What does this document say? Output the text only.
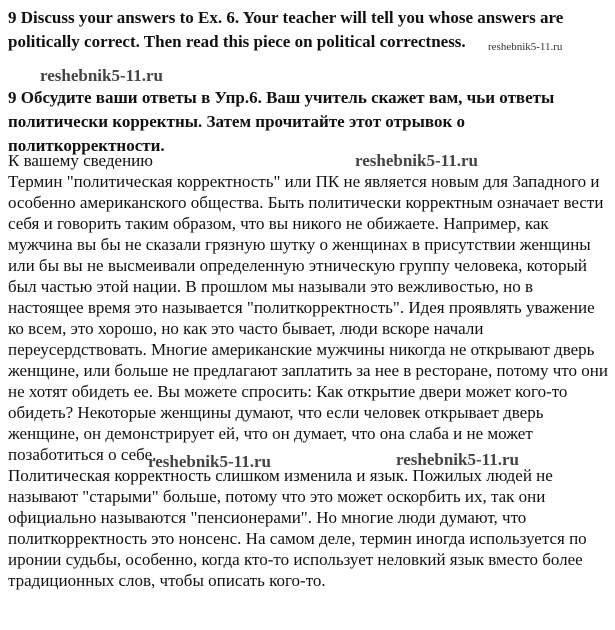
9 Discuss your answers to Ex. 6. Your teacher will tell you whose answers are politically correct. Then read this piece on political correctness.

9 Обсудите ваши ответы в Упр.6. Ваш учитель скажет вам, чьи ответы политически корректны. Затем прочитайте этот отрывок о политкорректности.

К вашему сведению

Термин "политическая корректность" или ПК не является новым для Западного и особенно американского общества. Быть политически корректным означает вести себя и говорить таким образом, что вы никого не обижаете. Например, как мужчина вы бы не сказали грязную шутку о женщинах в присутствии женщины или бы вы не высмеивали определенную этническую группу человека, который был частью этой нации. В прошлом мы называли это вежливостью, но в настоящее время это называется "политкорректность". Идея проявлять уважение ко всем, это хорошо, но как это часто бывает, люди вскоре начали переусердствовать. Многие американские мужчины никогда не открывают дверь женщине, или больше не предлагают заплатить за нее в ресторане, потому что они не хотят обидеть ее. Вы можете спросить: Как открытие двери может кого-то обидеть? Некоторые женщины думают, что если человек открывает дверь женщине, он демонстрирует ей, что он думает, что она слаба и не может позаботиться о себе.

Политическая корректность слишком изменила и язык. Пожилых людей не называют "старыми" больше, потому что это может оскорбить их, так они официально называются "пенсионерами". Но многие люди думают, что политкорректность это нонсенс. На самом деле, термин иногда используется по иронии судьбы, особенно, когда кто-то использует неловкий язык вместо более традиционных слов, чтобы описать кого-то.

reshebnik5-11.ru
reshebnik5-11.ru
reshebnik5-11.ru
reshebnik5-11.ru	reshebnik5-11.ru
